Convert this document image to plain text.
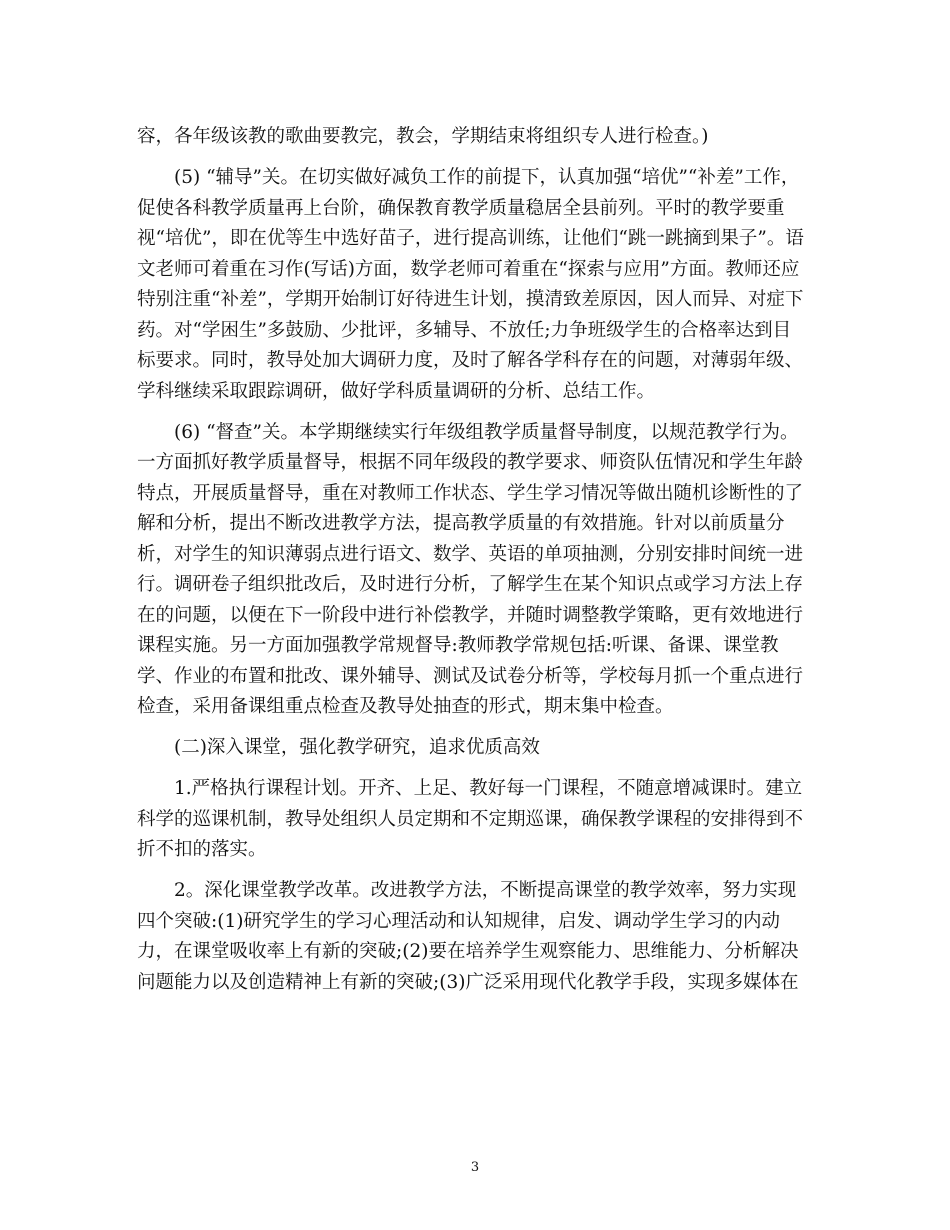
容，各年级该教的歌曲要教完，教会，学期结束将组织专人进行检查。)
(5) “辅导”关。在切实做好减负工作的前提下，认真加强“培优”“补差”工作，
促使各科教学质量再上台阶，确保教育教学质量稳居全县前列。平时的教学要重
视“培优”，即在优等生中选好苗子，进行提高训练，让他们“跳一跳摘到果子”。语
文老师可着重在习作(写话)方面，数学老师可着重在“探索与应用”方面。教师还应
特别注重“补差”，学期开始制订好待进生计划，摸清致差原因，因人而异、对症下
药。对“学困生”多鼓励、少批评，多辅导、不放任;力争班级学生的合格率达到目
标要求。同时，教导处加大调研力度，及时了解各学科存在的问题，对薄弱年级、
学科继续采取跟踪调研，做好学科质量调研的分析、总结工作。
(6) “督查”关。本学期继续实行年级组教学质量督导制度，以规范教学行为。
一方面抓好教学质量督导，根据不同年级段的教学要求、师资队伍情况和学生年龄
特点，开展质量督导，重在对教师工作状态、学生学习情况等做出随机诊断性的了
解和分析，提出不断改进教学方法，提高教学质量的有效措施。针对以前质量分
析，对学生的知识薄弱点进行语文、数学、英语的单项抽测，分别安排时间统一进
行。调研卷子组织批改后，及时进行分析，了解学生在某个知识点或学习方法上存
在的问题，以便在下一阶段中进行补偿教学，并随时调整教学策略，更有效地进行
课程实施。另一方面加强教学常规督导:教师教学常规包括:听课、备课、课堂教
学、作业的布置和批改、课外辅导、测试及试卷分析等，学校每月抓一个重点进行
检查，采用备课组重点检查及教导处抽查的形式，期末集中检查。
(二)深入课堂，强化教学研究，追求优质高效
1.严格执行课程计划。开齐、上足、教好每一门课程，不随意增减课时。建立
科学的巡课机制，教导处组织人员定期和不定期巡课，确保教学课程的安排得到不
折不扣的落实。
2。深化课堂教学改革。改进教学方法，不断提高课堂的教学效率，努力实现
四个突破:(1)研究学生的学习心理活动和认知规律，启发、调动学生学习的内动
力，在课堂吸收率上有新的突破;(2)要在培养学生观察能力、思维能力、分析解决
问题能力以及创造精神上有新的突破;(3)广泛采用现代化教学手段，实现多媒体在
3
